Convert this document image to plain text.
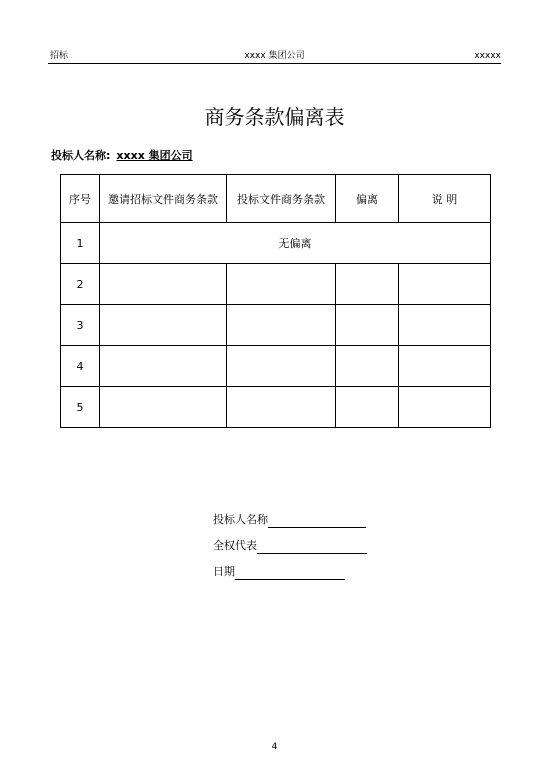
招标	xxxx 集团公司	xxxxx
商务条款偏离表
投标人名称: xxxx 集团公司
序号	邀请招标文件商务条款	投标文件商务条款	偏离	说 明
1	无偏离			
2				
3				
4				
5				
投标人名称
全权代表
日期
4
